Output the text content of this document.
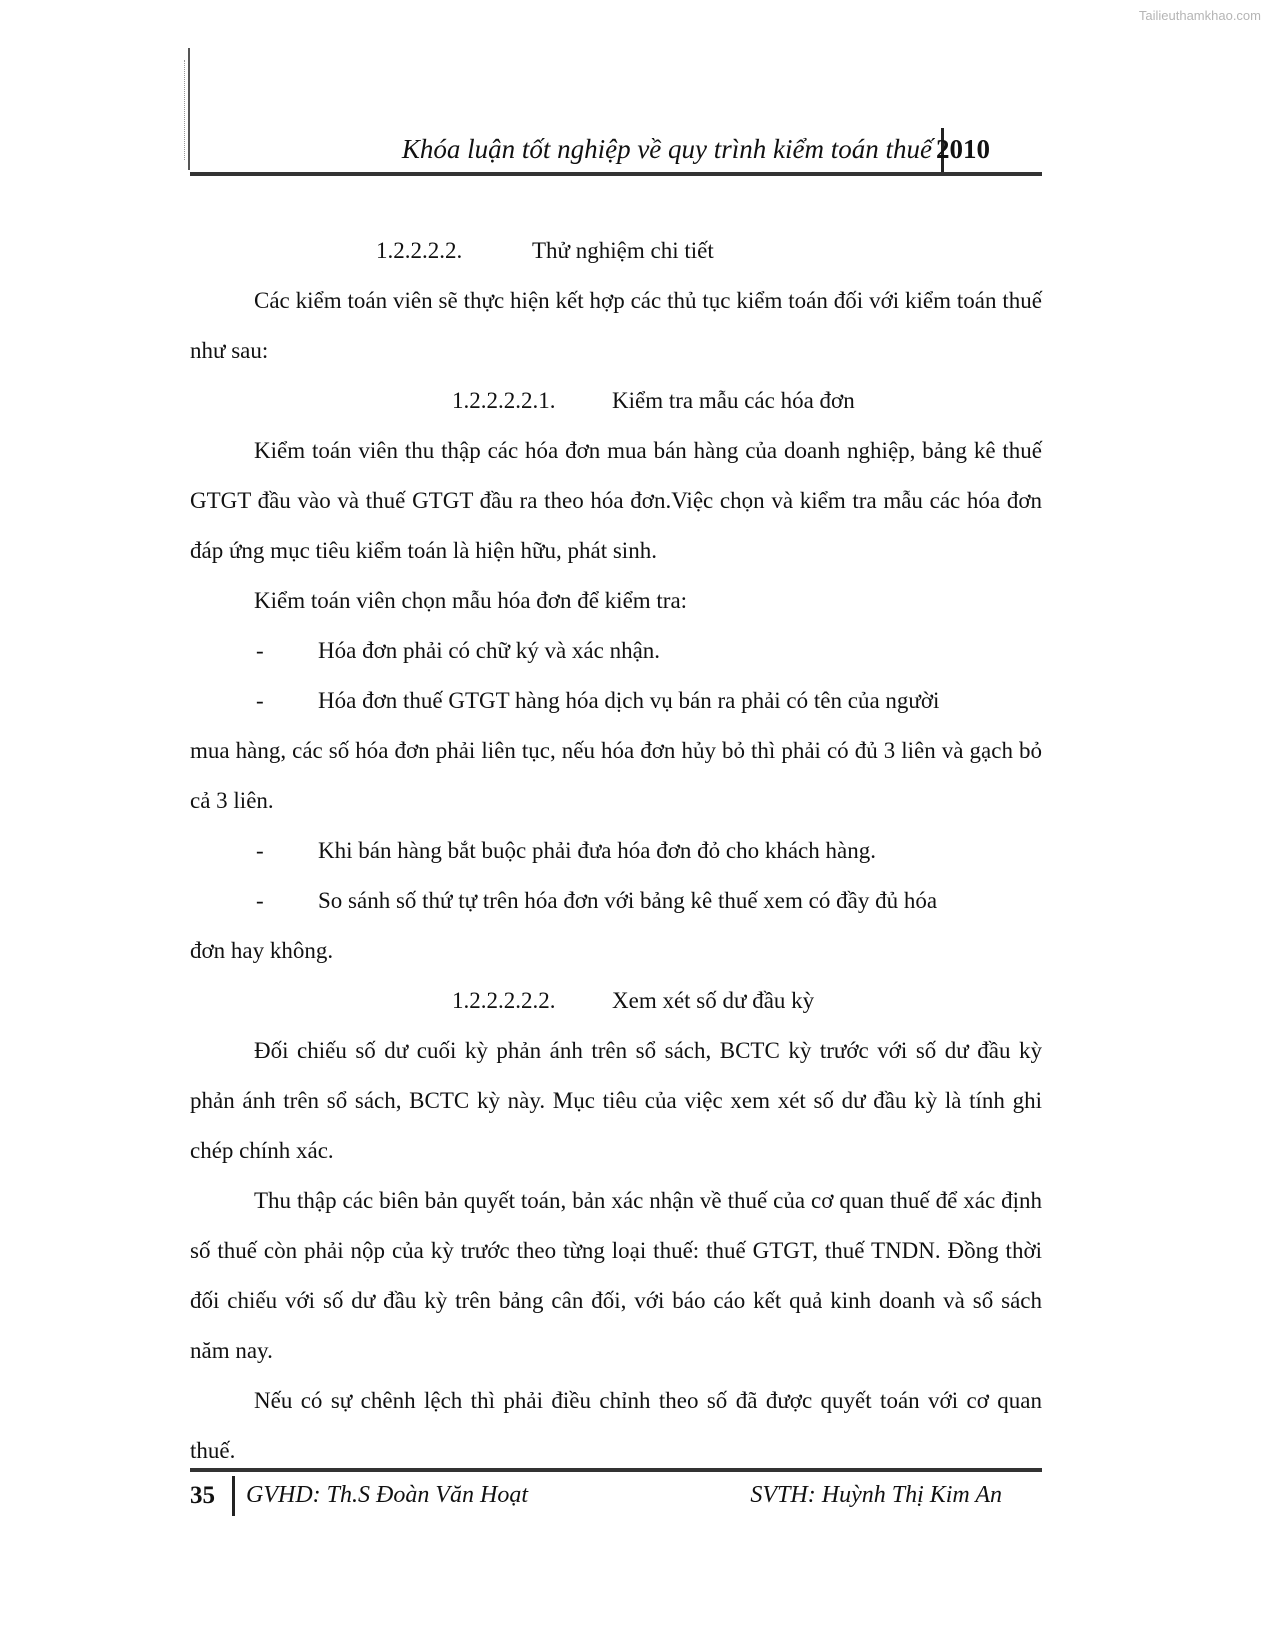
Tailieuthamkhao.com
Khóa luận tốt nghiệp về quy trình kiểm toán thuế 2010

1.2.2.2.2.	Thử nghiệm chi tiết

Các kiểm toán viên sẽ thực hiện kết hợp các thủ tục kiểm toán đối với kiểm toán thuế như sau:

1.2.2.2.2.1. Kiểm tra mẫu các hóa đơn

Kiểm toán viên thu thập các hóa đơn mua bán hàng của doanh nghiệp, bảng kê thuế GTGT đầu vào và thuế GTGT đầu ra theo hóa đơn.Việc chọn và kiểm tra mẫu các hóa đơn đáp ứng mục tiêu kiểm toán là hiện hữu, phát sinh.

Kiểm toán viên chọn mẫu hóa đơn để kiểm tra:

-	Hóa đơn phải có chữ ký và xác nhận.
-	Hóa đơn thuế GTGT hàng hóa dịch vụ bán ra phải có tên của người

mua hàng, các số hóa đơn phải liên tục, nếu hóa đơn hủy bỏ thì phải có đủ 3 liên và gạch bỏ cả 3 liên.

-	Khi bán hàng bắt buộc phải đưa hóa đơn đỏ cho khách hàng.
-	So sánh số thứ tự trên hóa đơn với bảng kê thuế xem có đầy đủ hóa

đơn hay không.

1.2.2.2.2.2. Xem xét số dư đầu kỳ

Đối chiếu số dư cuối kỳ phản ánh trên sổ sách, BCTC kỳ trước với số dư đầu kỳ phản ánh trên sổ sách, BCTC kỳ này. Mục tiêu của việc xem xét số dư đầu kỳ là tính ghi chép chính xác.

Thu thập các biên bản quyết toán, bản xác nhận về thuế của cơ quan thuế để xác định số thuế còn phải nộp của kỳ trước theo từng loại thuế: thuế GTGT, thuế TNDN. Đồng thời đối chiếu với số dư đầu kỳ trên bảng cân đối, với báo cáo kết quả kinh doanh và sổ sách năm nay.

Nếu có sự chênh lệch thì phải điều chỉnh theo số đã được quyết toán với cơ quan thuế.

35 GVHD: Th.S Đoàn Văn Hoạt	SVTH: Huỳnh Thị Kim An
